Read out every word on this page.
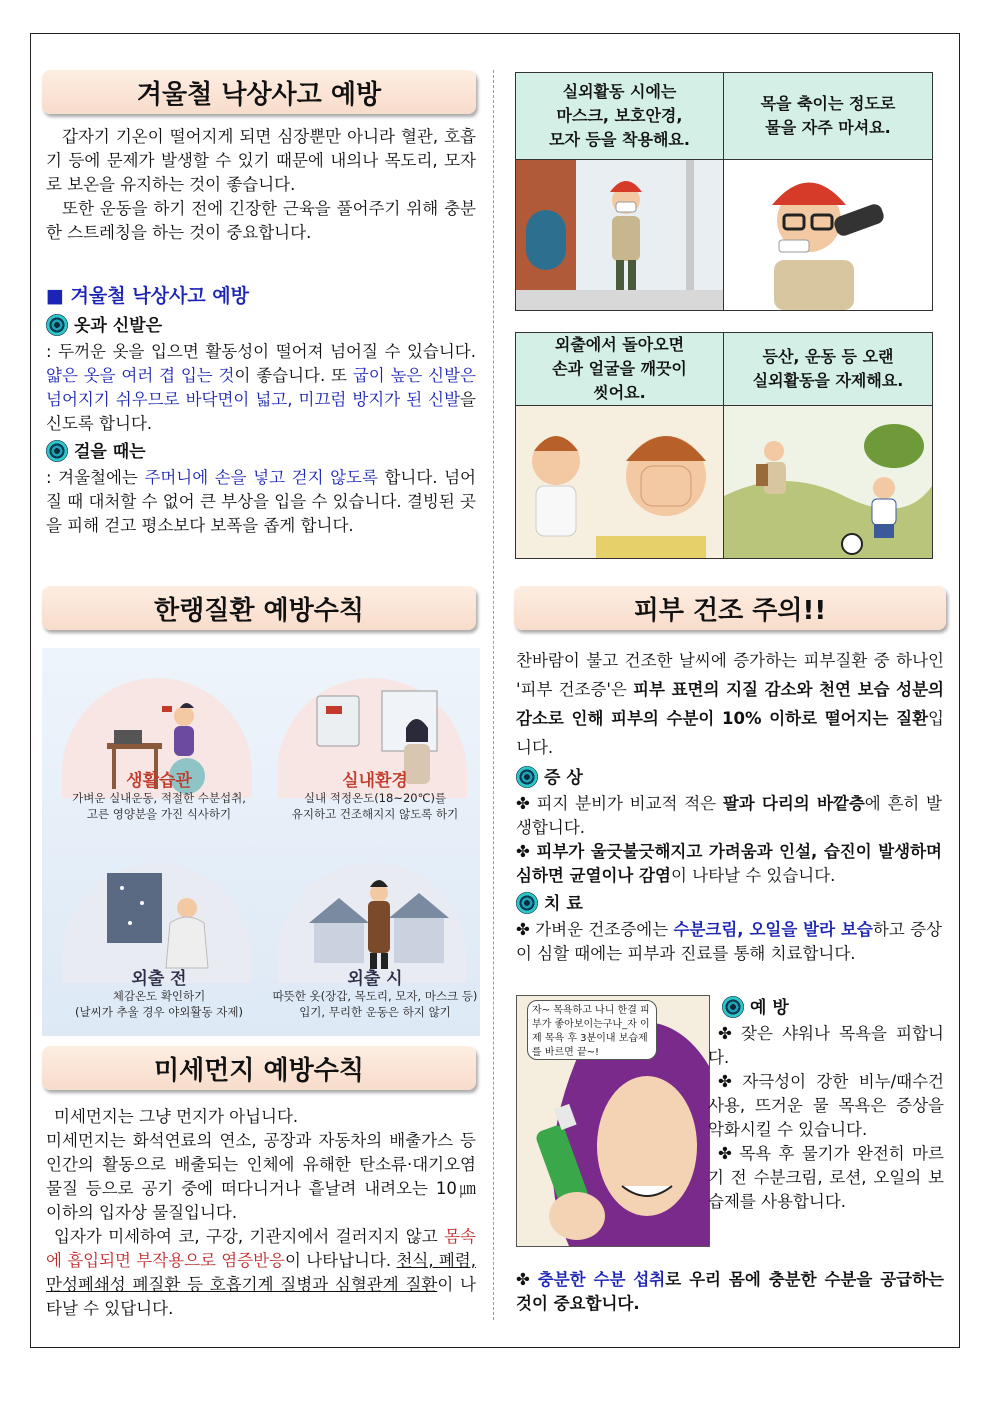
겨울철 낙상사고 예방

갑자기 기온이 떨어지게 되면 심장뿐만 아니라 혈관, 호흡기 등에 문제가 발생할 수 있기 때문에 내의나 목도리, 모자로 보온을 유지하는 것이 좋습니다.

또한 운동을 하기 전에 긴장한 근육을 풀어주기 위해 충분한 스트레칭을 하는 것이 중요합니다.

■ 겨울철 낙상사고 예방

옷과 신발은

: 두꺼운 옷을 입으면 활동성이 떨어져 넘어질 수 있습니다. 얇은 옷을 여러 겹 입는 것이 좋습니다. 또 굽이 높은 신발은 넘어지기 쉬우므로 바닥면이 넓고, 미끄럼 방지가 된 신발을 신도록 합니다.

걸을 때는

: 겨울철에는 주머니에 손을 넣고 걷지 않도록 합니다. 넘어질 때 대처할 수 없어 큰 부상을 입을 수 있습니다. 결빙된 곳을 피해 걷고 평소보다 보폭을 좁게 합니다.

한랭질환 예방수칙
생활습관
가벼운 실내운동, 적절한 수분섭취,
고른 영양분을 가진 식사하기
실내환경
실내 적정온도(18~20℃)를
유지하고 건조해지지 않도록 하기
외출 전
체감온도 확인하기
(날씨가 추울 경우 야외활동 자제)
외출 시
따뜻한 옷(장갑, 목도리, 모자, 마스크 등)
입기, 무리한 운동은 하지 않기
미세먼지 예방수칙

미세먼지는 그냥 먼지가 아닙니다.

미세먼지는 화석연료의 연소, 공장과 자동차의 배출가스 등 인간의 활동으로 배출되는 인체에 유해한 탄소류·대기오염 물질 등으로 공기 중에 떠다니거나 흩날려 내려오는 10㎛ 이하의 입자상 물질입니다.

입자가 미세하여 코, 구강, 기관지에서 걸러지지 않고 몸속에 흡입되면 부작용으로 염증반응이 나타납니다. 천식, 폐렴, 만성폐쇄성 폐질환 등 호흡기계 질병과 심혈관계 질환이 나타날 수 있답니다.

실외활동 시에는
마스크, 보호안경,
모자 등을 착용해요.	목을 축이는 정도로
물을 자주 마셔요.

외출에서 돌아오면
손과 얼굴을 깨끗이
씻어요.	등산, 운동 등 오랜
실외활동을 자제해요.

피부 건조 주의!!

찬바람이 불고 건조한 날씨에 증가하는 피부질환 중 하나인 '피부 건조증'은 피부 표면의 지질 감소와 천연 보습 성분의 감소로 인해 피부의 수분이 10% 이하로 떨어지는 질환입니다.

증 상

✤ 피지 분비가 비교적 적은 팔과 다리의 바깥층에 흔히 발생합니다.

✤ 피부가 울긋불긋해지고 가려움과 인설, 습진이 발생하며 심하면 균열이나 감염이 나타날 수 있습니다.

치 료

✤ 가벼운 건조증에는 수분크림, 오일을 발라 보습하고 증상이 심할 때에는 피부과 진료를 통해 치료합니다.

자~ 목욕하고 나니 한결 피부가 좋아보이는구나_자 이제 목욕 후 3분이내 보습제를 바르면 끝~!

예 방

✤ 잦은 샤워나 목욕을 피합니다.

✤ 자극성이 강한 비누/때수건 사용, 뜨거운 물 목욕은 증상을 악화시킬 수 있습니다.

✤ 목욕 후 물기가 완전히 마르기 전 수분크림, 로션, 오일의 보습제를 사용합니다.

✤ 충분한 수분 섭취로 우리 몸에 충분한 수분을 공급하는 것이 중요합니다.
